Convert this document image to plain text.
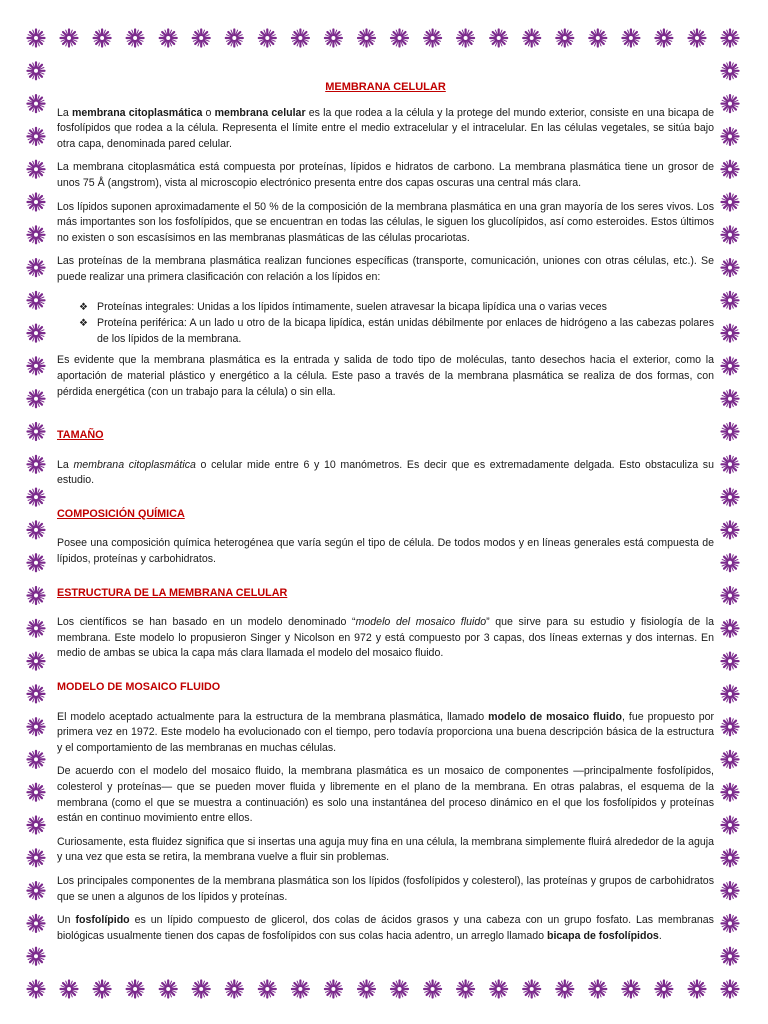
MEMBRANA CELULAR

La membrana citoplasmática o membrana celular es la que rodea a la célula y la protege del mundo exterior, consiste en una bicapa de fosfolípidos que rodea a la célula. Representa el límite entre el medio extracelular y el intracelular. En las células vegetales, se sitúa bajo otra capa, denominada pared celular.

La membrana citoplasmática está compuesta por proteínas, lípidos e hidratos de carbono. La membrana plasmática tiene un grosor de unos 75 Å (angstrom), vista al microscopio electrónico presenta entre dos capas oscuras una central más clara.

Los lípidos suponen aproximadamente el 50 % de la composición de la membrana plasmática en una gran mayoría de los seres vivos. Los más importantes son los fosfolípidos, que se encuentran en todas las células, le siguen los glucolípidos, así como esteroides. Estos últimos no existen o son escasísimos en las membranas plasmáticas de las células procariotas.

Las proteínas de la membrana plasmática realizan funciones específicas (transporte, comunicación, uniones con otras células, etc.). Se puede realizar una primera clasificación con relación a los lípidos en:

❖ Proteínas integrales: Unidas a los lípidos íntimamente, suelen atravesar la bicapa lipídica una o varias veces
❖ Proteína periférica: A un lado u otro de la bicapa lipídica, están unidas débilmente por enlaces de hidrógeno a las cabezas polares de los lípidos de la membrana.

Es evidente que la membrana plasmática es la entrada y salida de todo tipo de moléculas, tanto desechos hacia el exterior, como la aportación de material plástico y energético a la célula. Este paso a través de la membrana plasmática se realiza de dos formas, con pérdida energética (con un trabajo para la célula) o sin ella.

TAMAÑO

La membrana citoplasmática o celular mide entre 6 y 10 manómetros. Es decir que es extremadamente delgada. Esto obstaculiza su estudio.

COMPOSICIÓN QUÍMICA

Posee una composición química heterogénea que varía según el tipo de célula. De todos modos y en líneas generales está compuesta de lípidos, proteínas y carbohidratos.

ESTRUCTURA DE LA MEMBRANA CELULAR

Los científicos se han basado en un modelo denominado “modelo del mosaico fluido” que sirve para su estudio y fisiología de la membrana. Este modelo lo propusieron Singer y Nicolson en 972 y está compuesto por 3 capas, dos líneas externas y dos internas. En medio de ambas se ubica la capa más clara llamada el modelo del mosaico fluido.

MODELO DE MOSAICO FLUIDO

El modelo aceptado actualmente para la estructura de la membrana plasmática, llamado modelo de mosaico fluido, fue propuesto por primera vez en 1972. Este modelo ha evolucionado con el tiempo, pero todavía proporciona una buena descripción básica de la estructura y el comportamiento de las membranas en muchas células.

De acuerdo con el modelo del mosaico fluido, la membrana plasmática es un mosaico de componentes —principalmente fosfolípidos, colesterol y proteínas— que se pueden mover fluida y libremente en el plano de la membrana. En otras palabras, el esquema de la membrana (como el que se muestra a continuación) es solo una instantánea del proceso dinámico en el que los fosfolípidos y proteínas están en continuo movimiento entre ellos.

Curiosamente, esta fluidez significa que si insertas una aguja muy fina en una célula, la membrana simplemente fluirá alrededor de la aguja y una vez que esta se retira, la membrana vuelve a fluir sin problemas.

Los principales componentes de la membrana plasmática son los lípidos (fosfolípidos y colesterol), las proteínas y grupos de carbohidratos que se unen a algunos de los lípidos y proteínas.

Un fosfolípido es un lípido compuesto de glicerol, dos colas de ácidos grasos y una cabeza con un grupo fosfato. Las membranas biológicas usualmente tienen dos capas de fosfolípidos con sus colas hacia adentro, un arreglo llamado bicapa de fosfolípidos.
